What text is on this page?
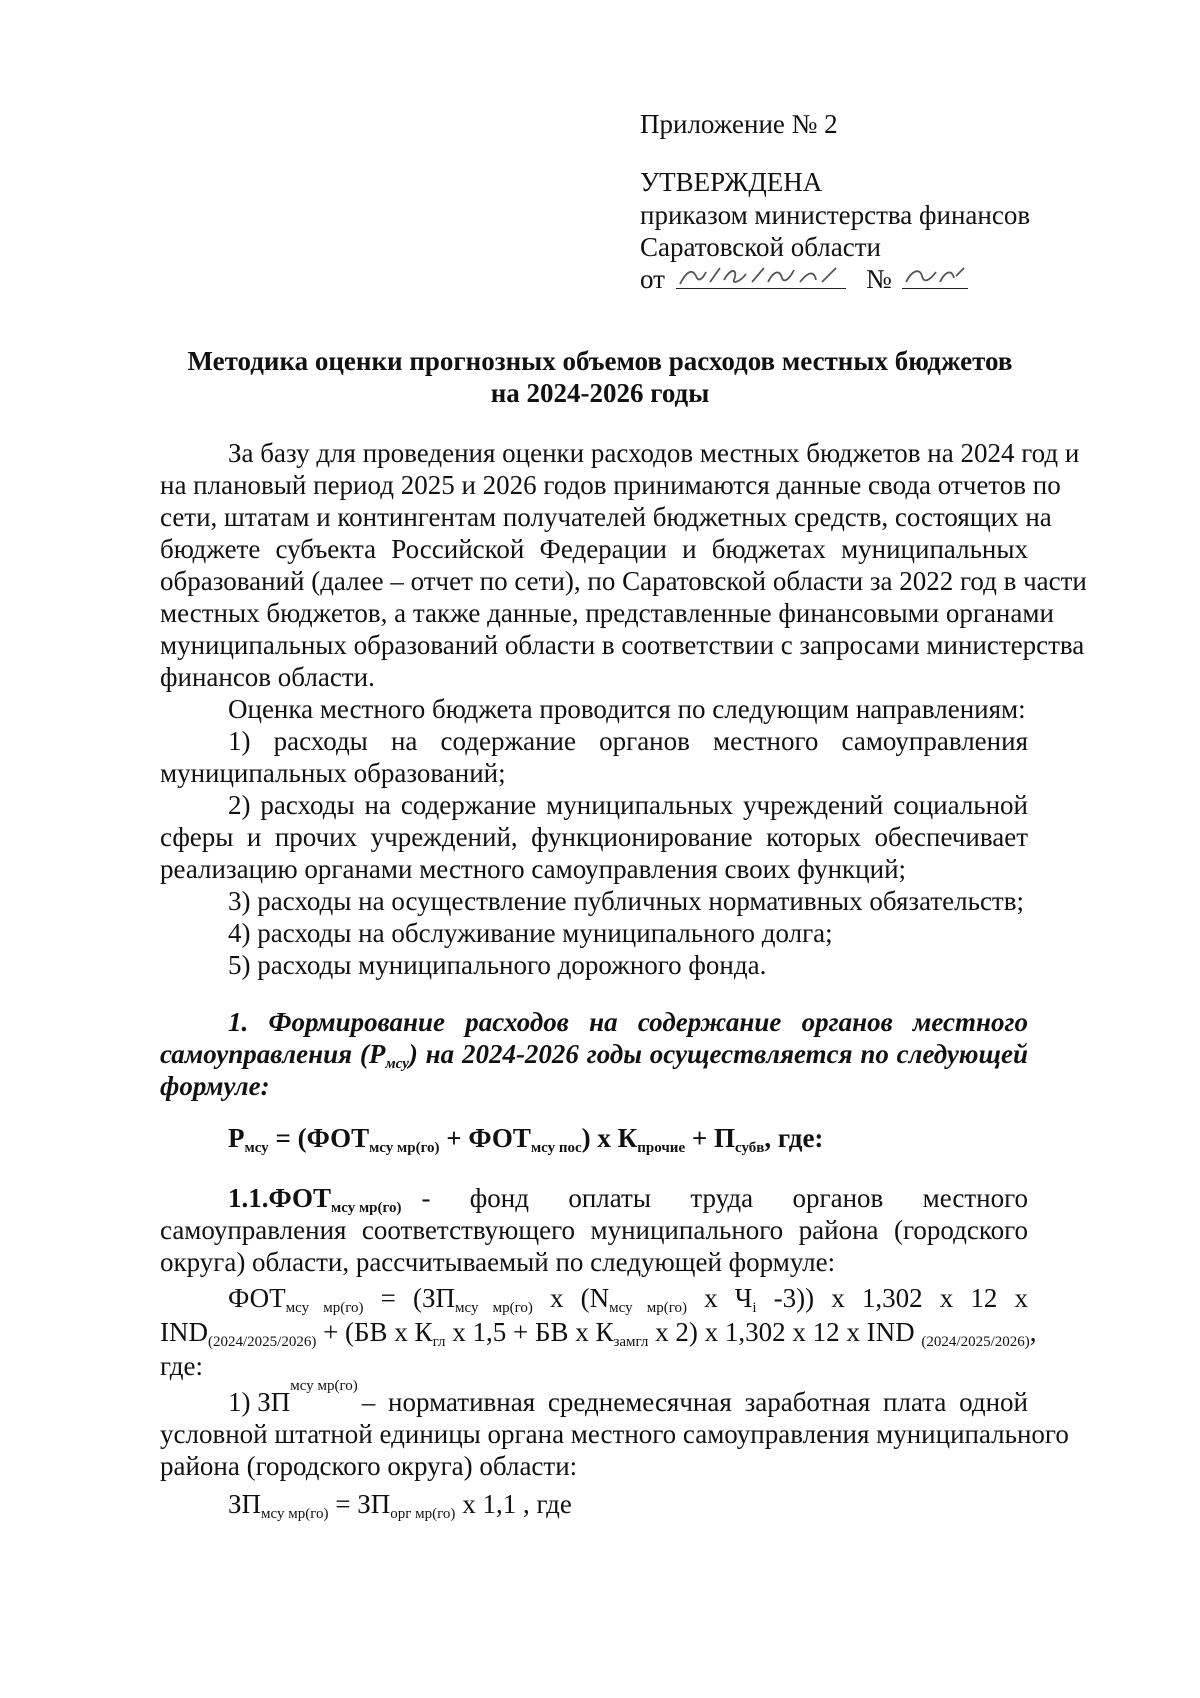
Приложение № 2
УТВЕРЖДЕНА
приказом министерства финансов
Саратовской области
от	№
Методика оценки прогнозных объемов расходов местных бюджетов
на 2024-2026 годы
За базу для проведения оценки расходов местных бюджетов на 2024 год и
на плановый период 2025 и 2026 годов принимаются данные свода отчетов по
сети, штатам и контингентам получателей бюджетных средств, состоящих на
бюджете субъекта Российской Федерации и бюджетах муниципальных
образований (далее – отчет по сети), по Саратовской области за 2022 год в части
местных бюджетов, а также данные, представленные финансовыми органами
муниципальных образований области в соответствии с запросами министерства
финансов области.
Оценка местного бюджета проводится по следующим направлениям:
1) расходы на содержание органов местного самоуправления
муниципальных образований;
2) расходы на содержание муниципальных учреждений социальной
сферы и прочих учреждений, функционирование которых обеспечивает
реализацию органами местного самоуправления своих функций;
3) расходы на осуществление публичных нормативных обязательств;
4) расходы на обслуживание муниципального долга;
5) расходы муниципального дорожного фонда.
1. Формирование расходов на содержание органов местного
самоуправления $(Р_{мсу})$ на 2024-2026 годы осуществляется по следующей
формуле:
$Р_{мсу} = (ФОТ_{мсу мр(го)} + ФОТ_{мсу пос})$ х $К_{прочие} + П_{субв}$, где:
1.1. $ФОТ_{мсу мр(го)}$ - фонд оплаты труда органов местного
самоуправления соответствующего муниципального района (городского
округа) области, рассчитываемый по следующей формуле:
$ФОТ_{мсу мр(го)} = (ЗП_{мсу мр(го)}$ х ($N_{мсу мр(го)}$ х $Ч_i$ -3)) х 1,302 х 12 х
$IND_{(2024/2025/2026)} + (БВ$ х $К_{гл}$ х 1,5 + БВ х $К_{замгл}$ х 2) х 1,302 х 12 х IND $_{(2024/2025/2026)}$,
где:
1) ЗП
мсу мр(го)
– нормативная среднемесячная заработная плата одной
условной штатной единицы органа местного самоуправления муниципального
района (городского округа) области:
$ЗП_{мсу мр(го)} = ЗП_{орг мр(го)}$ х 1,1 , где
